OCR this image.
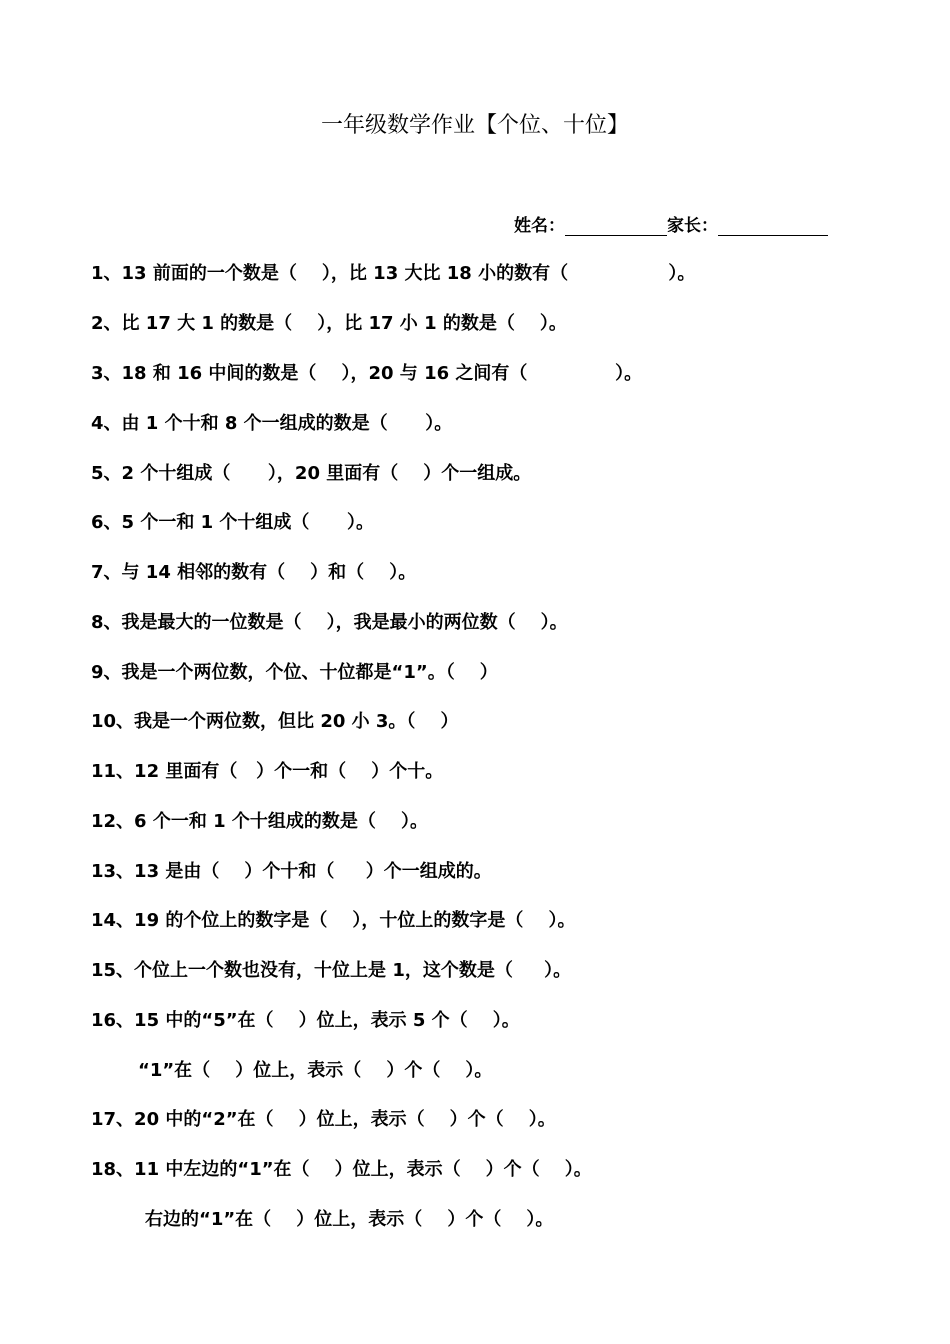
一年级数学作业【个位、十位】
姓名：	家长：
1、13 前面的一个数是（    ），比 13 大比 18 小的数有（                ）。
2、比 17 大 1 的数是（    ），比 17 小 1 的数是（    ）。
3、18 和 16 中间的数是（    ），20 与 16 之间有（              ）。
4、由 1 个十和 8 个一组成的数是（      ）。
5、2 个十组成（      ），20 里面有（    ）个一组成。
6、5 个一和 1 个十组成（      ）。
7、与 14 相邻的数有（    ）和（    ）。
8、我是最大的一位数是（    ），我是最小的两位数（    ）。
9、我是一个两位数，个位、十位都是“1”。（    ）
10、我是一个两位数，但比 20 小 3。（    ）
11、12 里面有（   ）个一和（    ）个十。
12、6 个一和 1 个十组成的数是（    ）。
13、13 是由（    ）个十和（     ）个一组成的。
14、19 的个位上的数字是（    ），十位上的数字是（    ）。
15、个位上一个数也没有，十位上是 1，这个数是（     ）。
16、15 中的“5”在（    ）位上，表示 5 个（    ）。
“1”在（    ）位上，表示（    ）个（    ）。
17、20 中的“2”在（    ）位上，表示（    ）个（    ）。
18、11 中左边的“1”在（    ）位上，表示（    ）个（    ）。
右边的“1”在（    ）位上，表示（    ）个（    ）。
